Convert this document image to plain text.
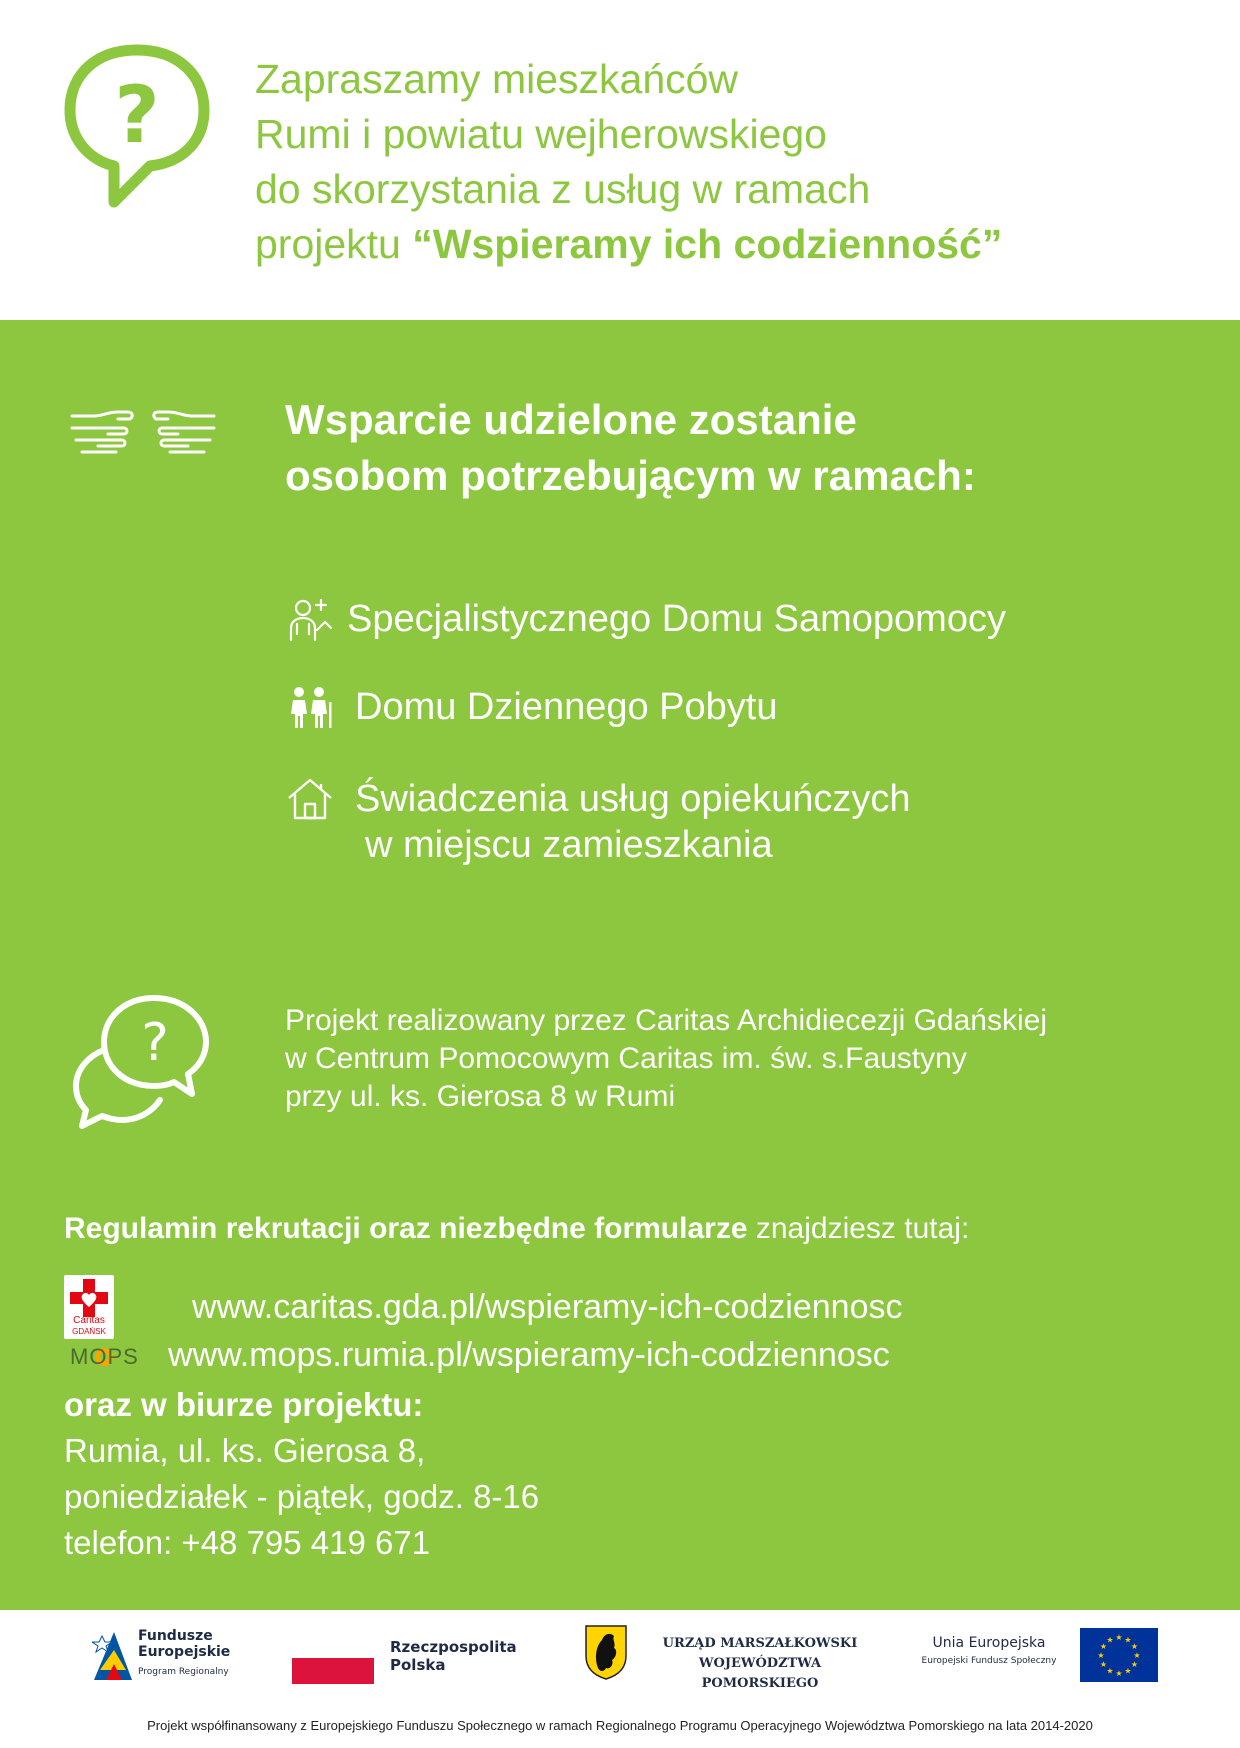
? Zapraszamy mieszkańców
Rumi i powiatu wejherowskiego
do skorzystania z usług w ramach
projektu “Wspieramy ich codzienność”
Wsparcie udzielone zostanie
osobom potrzebującym w ramach:
Specjalistycznego Domu Samopomocy
Domu Dziennego Pobytu
Świadczenia usług opiekuńczych
w miejscu zamieszkania
?	Projekt realizowany przez Caritas Archidiecezji Gdańskiej
w Centrum Pomocowym Caritas im. św. s.Faustyny
przy ul. ks. Gierosa 8 w Rumi
Regulamin rekrutacji oraz niezbędne formularze znajdziesz tutaj:
Caritas
GDAŃSK
www.caritas.gda.pl/wspieramy-ich-codziennosc
MOPS www.mops.rumia.pl/wspieramy-ich-codziennosc
oraz w biurze projektu:
Rumia, ul. ks. Gierosa 8,
poniedziałek - piątek, godz. 8-16
telefon: +48 795 419 671
Fundusze
Europejskie
Program Regionalny
Rzeczpospolita
Polska
URZĄD MARSZAŁKOWSKI
WOJEWÓDZTWA POMORSKIEGO
Unia Europejska
Europejski Fundusz Społeczny
★ ★
★
★
★
★
★
★
★
★
★
★
Projekt współfinansowany z Europejskiego Funduszu Społecznego w ramach Regionalnego Programu Operacyjnego Województwa Pomorskiego na lata 2014-2020
